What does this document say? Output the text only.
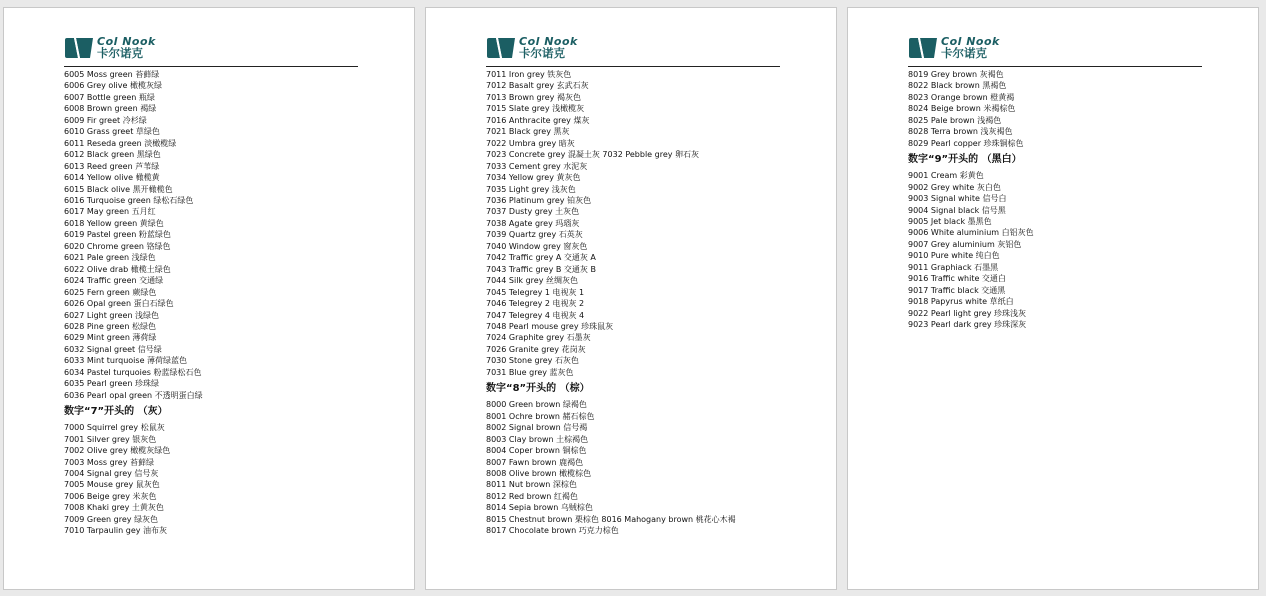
Col Nook
卡尔诺克
6005 Moss green 苔藓绿
6006 Grey olive 橄榄灰绿
6007 Bottle green 瓶绿
6008 Brown green 褐绿
6009 Fir greet 冷杉绿
6010 Grass greet 草绿色
6011 Reseda green 淡橄榄绿
6012 Black green 黑绿色
6013 Reed green 芦苇绿
6014 Yellow olive 橄榄黄
6015 Black olive 黑开橄榄色
6016 Turquoise green 绿松石绿色
6017 May green 五月红
6018 Yellow green 黄绿色
6019 Pastel green 粉蓝绿色
6020 Chrome green 铬绿色
6021 Pale green 浅绿色
6022 Olive drab 橄榄土绿色
6024 Traffic green 交通绿
6025 Fern green 蕨绿色
6026 Opal green 蛋白石绿色
6027 Light green 浅绿色
6028 Pine green 松绿色
6029 Mint green 薄荷绿
6032 Signal greet 信号绿
6033 Mint turquoise 薄荷绿蓝色
6034 Pastel turquoies 粉蓝绿松石色
6035 Pearl green 珍珠绿
6036 Pearl opal green 不透明蛋白绿
数字“7”开头的 （灰）
7000 Squirrel grey 松鼠灰
7001 Silver grey 银灰色
7002 Olive grey 橄榄灰绿色
7003 Moss grey 苔藓绿
7004 Signal grey 信号灰
7005 Mouse grey 鼠灰色
7006 Beige grey 米灰色
7008 Khaki grey 土黄灰色
7009 Green grey 绿灰色
7010 Tarpaulin gey 油布灰
Col Nook
卡尔诺克
7011 Iron grey 铁灰色
7012 Basalt grey 玄武石灰
7013 Brown grey 褐灰色
7015 Slate grey 浅橄榄灰
7016 Anthracite grey 煤灰
7021 Black grey 黑灰
7022 Umbra grey 暗灰
7023 Concrete grey 混凝土灰 7032 Pebble grey 卵石灰
7033 Cement grey 水泥灰
7034 Yellow grey 黄灰色
7035 Light grey 浅灰色
7036 Platinum grey 铂灰色
7037 Dusty grey 土灰色
7038 Agate grey 玛瑙灰
7039 Quartz grey 石英灰
7040 Window grey 窗灰色
7042 Traffic grey A 交通灰 A
7043 Traffic grey B 交通灰 B
7044 Silk grey 丝绸灰色
7045 Telegrey 1 电视灰 1
7046 Telegrey 2 电视灰 2
7047 Telegrey 4 电视灰 4
7048 Pearl mouse grey 珍珠鼠灰
7024 Graphite grey 石墨灰
7026 Granite grey 花岗灰
7030 Stone grey 石灰色
7031 Blue grey 蓝灰色
数字“8”开头的 （棕）
8000 Green brown 绿褐色
8001 Ochre brown 赭石棕色
8002 Signal brown 信号褐
8003 Clay brown 土棕褐色
8004 Coper brown 铜棕色
8007 Fawn brown 鹿褐色
8008 Olive brown 橄榄棕色
8011 Nut brown 深棕色
8012 Red brown 红褐色
8014 Sepia brown 乌贼棕色
8015 Chestnut brown 栗棕色 8016 Mahogany brown 桃花心木褐
8017 Chocolate brown 巧克力棕色
Col Nook
卡尔诺克
8019 Grey brown 灰褐色
8022 Black brown 黑褐色
8023 Orange brown 橙黄褐
8024 Beige brown 米褐棕色
8025 Pale brown 浅褐色
8028 Terra brown 浅灰褐色
8029 Pearl copper 珍珠铜棕色
数字“9”开头的 （黑白）
9001 Cream 彩黄色
9002 Grey white 灰白色
9003 Signal white 信号白
9004 Signal black 信号黑
9005 Jet black 墨黑色
9006 White aluminium 白铝灰色
9007 Grey aluminium 灰铝色
9010 Pure white 纯白色
9011 Graphiack 石墨黑
9016 Traffic white 交通白
9017 Traffic black 交通黑
9018 Papyrus white 草纸白
9022 Pearl light grey 珍珠浅灰
9023 Pearl dark grey 珍珠深灰
